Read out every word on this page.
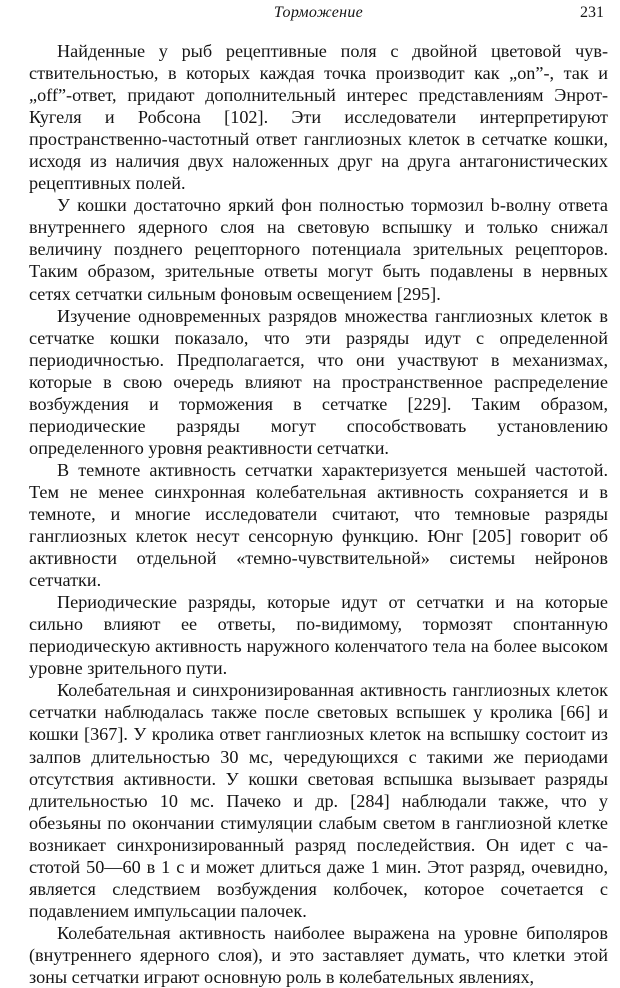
Торможение	231

Найденные у рыб рецептивные поля с двойной цветовой чувствительностью, в которых каждая точка производит как „on”-, так и „off”-ответ, придают дополнительный интерес представлениям Энрот-Кугеля и Робсона [102]. Эти исследователи интерпретируют пространственно-частотный ответ ганглиозных клеток в сетчатке кошки, исходя из наличия двух наложенных друг на друга антагонистических рецептивных полей.

У кошки достаточно яркий фон полностью тормозил b-волну ответа внутреннего ядерного слоя на световую вспышку и только снижал величину позднего рецепторного потенциала зрительных рецепторов. Таким образом, зрительные ответы могут быть подавлены в нервных сетях сетчатки сильным фоновым освещением [295].

Изучение одновременных разрядов множества ганглиозных клеток в сетчатке кошки показало, что эти разряды идут с определенной периодичностью. Предполагается, что они участвуют в механизмах, которые в свою очередь влияют на пространственное распределение возбуждения и торможения в сетчатке [229]. Таким образом, периодические разряды могут способствовать установлению определенного уровня реактивности сетчатки.

В темноте активность сетчатки характеризуется меньшей частотой. Тем не менее синхронная колебательная активность сохраняется и в темноте, и многие исследователи считают, что темновые разряды ганглиозных клеток несут сенсорную функцию. Юнг [205] говорит об активности отдельной «темно-чувствительной» системы нейронов сетчатки.

Периодические разряды, которые идут от сетчатки и на которые сильно влияют ее ответы, по-видимому, тормозят спонтанную периодическую активность наружного коленчатого тела на более высоком уровне зрительного пути.

Колебательная и синхронизированная активность ганглиозных клеток сетчатки наблюдалась также после световых вспышек у кролика [66] и кошки [367]. У кролика ответ ганглиозных клеток на вспышку состоит из залпов длительностью 30 мс, чередующихся с такими же периодами отсутствия активности. У кошки световая вспышка вызывает разряды длительностью 10 мс. Пачеко и др. [284] наблюдали также, что у обезьяны по окончании стимуляции слабым светом в ганглиозной клетке возникает синхронизированный разряд последействия. Он идет с частотой 50—60 в 1 с и может длиться даже 1 мин. Этот разряд, очевидно, является следствием возбуждения колбочек, которое сочетается с подавлением импульсации палочек.

Колебательная активность наиболее выражена на уровне биполяров (внутреннего ядерного слоя), и это заставляет думать, что клетки этой зоны сетчатки играют основную роль в колебательных явлениях,
